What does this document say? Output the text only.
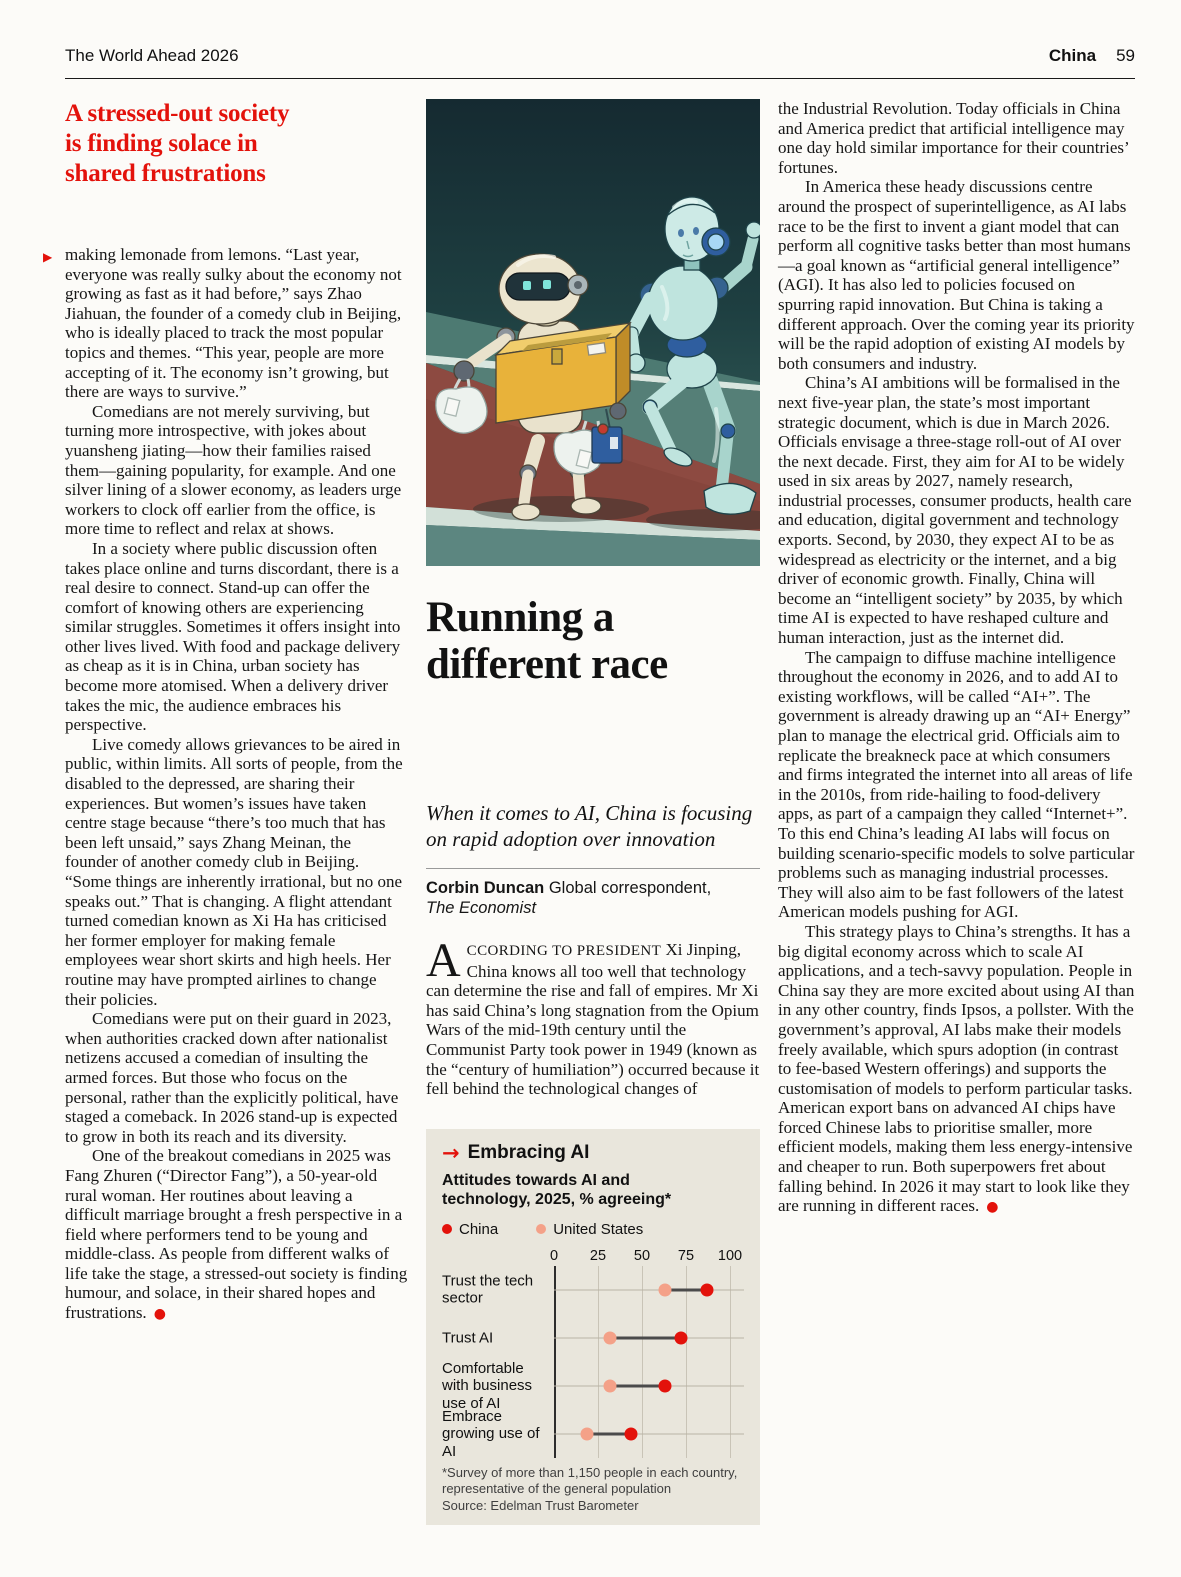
The World Ahead 2026	China 59
A stressed-out society
is finding solace in
shared frustrations

▶ making lemonade from lemons. “Last year, everyone was really sulky about the economy not growing as fast as it had before,” says Zhao Jiahuan, the founder of a comedy club in Beijing, who is ideally placed to track the most popular topics and themes. “This year, people are more accepting of it. The economy isn’t growing, but there are ways to survive.”

Comedians are not merely surviving, but turning more introspective, with jokes about yuansheng jiating—how their families raised them—gaining popularity, for example. And one silver lining of a slower economy, as leaders urge workers to clock off earlier from the office, is more time to reflect and relax at shows.

In a society where public discussion often takes place online and turns discordant, there is a real desire to connect. Stand-up can offer the comfort of knowing others are experiencing similar struggles. Sometimes it offers insight into other lives lived. With food and package delivery as cheap as it is in China, urban society has become more atomised. When a delivery driver takes the mic, the audience embraces his perspective.

Live comedy allows grievances to be aired in public, within limits. All sorts of people, from the disabled to the depressed, are sharing their experiences. But women’s issues have taken centre stage because “there’s too much that has been left unsaid,” says Zhang Meinan, the founder of another comedy club in Beijing. “Some things are inherently irrational, but no one speaks out.” That is changing. A flight attendant turned comedian known as Xi Ha has criticised her former employer for making female employees wear short skirts and high heels. Her routine may have prompted airlines to change their policies.

Comedians were put on their guard in 2023, when authorities cracked down after nationalist netizens accused a comedian of insulting the armed forces. But those who focus on the personal, rather than the explicitly political, have staged a comeback. In 2026 stand-up is expected to grow in both its reach and its diversity.

One of the breakout comedians in 2025 was Fang Zhuren (“Director Fang”), a 50-year-old rural woman. Her routines about leaving a difficult marriage brought a fresh perspective in a field where performers tend to be young and middle-class. As people from different walks of life take the stage, a stressed-out society is finding humour, and solace, in their shared hopes and frustrations. ●

Running a
different race
When it comes to AI, China is focusing
on rapid adoption over innovation
Corbin Duncan Global correspondent,
The Economist

ACCORDING TO PRESIDENT Xi Jinping, China knows all too well that technology can determine the rise and fall of empires. Mr Xi has said China’s long stagnation from the Opium Wars of the mid-19th century until the Communist Party took power in 1949 (known as the “century of humiliation”) occurred because it fell behind the technological changes of

→ Embracing AI
Attitudes towards AI and technology, 2025, % agreeing*
China	United States
0 25 50 75 100
Trust the tech sector
Trust AI
Comfortable with business use of AI
Embrace growing use of AI
*Survey of more than 1,150 people in each country,
representative of the general population
Source: Edelman Trust Barometer

the Industrial Revolution. Today officials in China and America predict that artificial intelligence may one day hold similar importance for their countries’ fortunes.

In America these heady discussions centre around the prospect of superintelligence, as AI labs race to be the first to invent a giant model that can perform all cognitive tasks better than most humans—a goal known as “artificial general intelligence” (AGI). It has also led to policies focused on spurring rapid innovation. But China is taking a different approach. Over the coming year its priority will be the rapid adoption of existing AI models by both consumers and industry.

China’s AI ambitions will be formalised in the next five-year plan, the state’s most important strategic document, which is due in March 2026. Officials envisage a three-stage roll-out of AI over the next decade. First, they aim for AI to be widely used in six areas by 2027, namely research, industrial processes, consumer products, health care and education, digital government and technology exports. Second, by 2030, they expect AI to be as widespread as electricity or the internet, and a big driver of economic growth. Finally, China will become an “intelligent society” by 2035, by which time AI is expected to have reshaped culture and human interaction, just as the internet did.

The campaign to diffuse machine intelligence throughout the economy in 2026, and to add AI to existing workflows, will be called “AI+”. The government is already drawing up an “AI+ Energy” plan to manage the electrical grid. Officials aim to replicate the breakneck pace at which consumers and firms integrated the internet into all areas of life in the 2010s, from ride-hailing to food-delivery apps, as part of a campaign they called “Internet+”. To this end China’s leading AI labs will focus on building scenario-specific models to solve particular problems such as managing industrial processes. They will also aim to be fast followers of the latest American models pushing for AGI.

This strategy plays to China’s strengths. It has a big digital economy across which to scale AI applications, and a tech-savvy population. People in China say they are more excited about using AI than in any other country, finds Ipsos, a pollster. With the government’s approval, AI labs make their models freely available, which spurs adoption (in contrast to fee-based Western offerings) and supports the customisation of models to perform particular tasks. American export bans on advanced AI chips have forced Chinese labs to prioritise smaller, more efficient models, making them less energy-intensive and cheaper to run. Both superpowers fret about falling behind. In 2026 it may start to look like they are running in different races. ●
